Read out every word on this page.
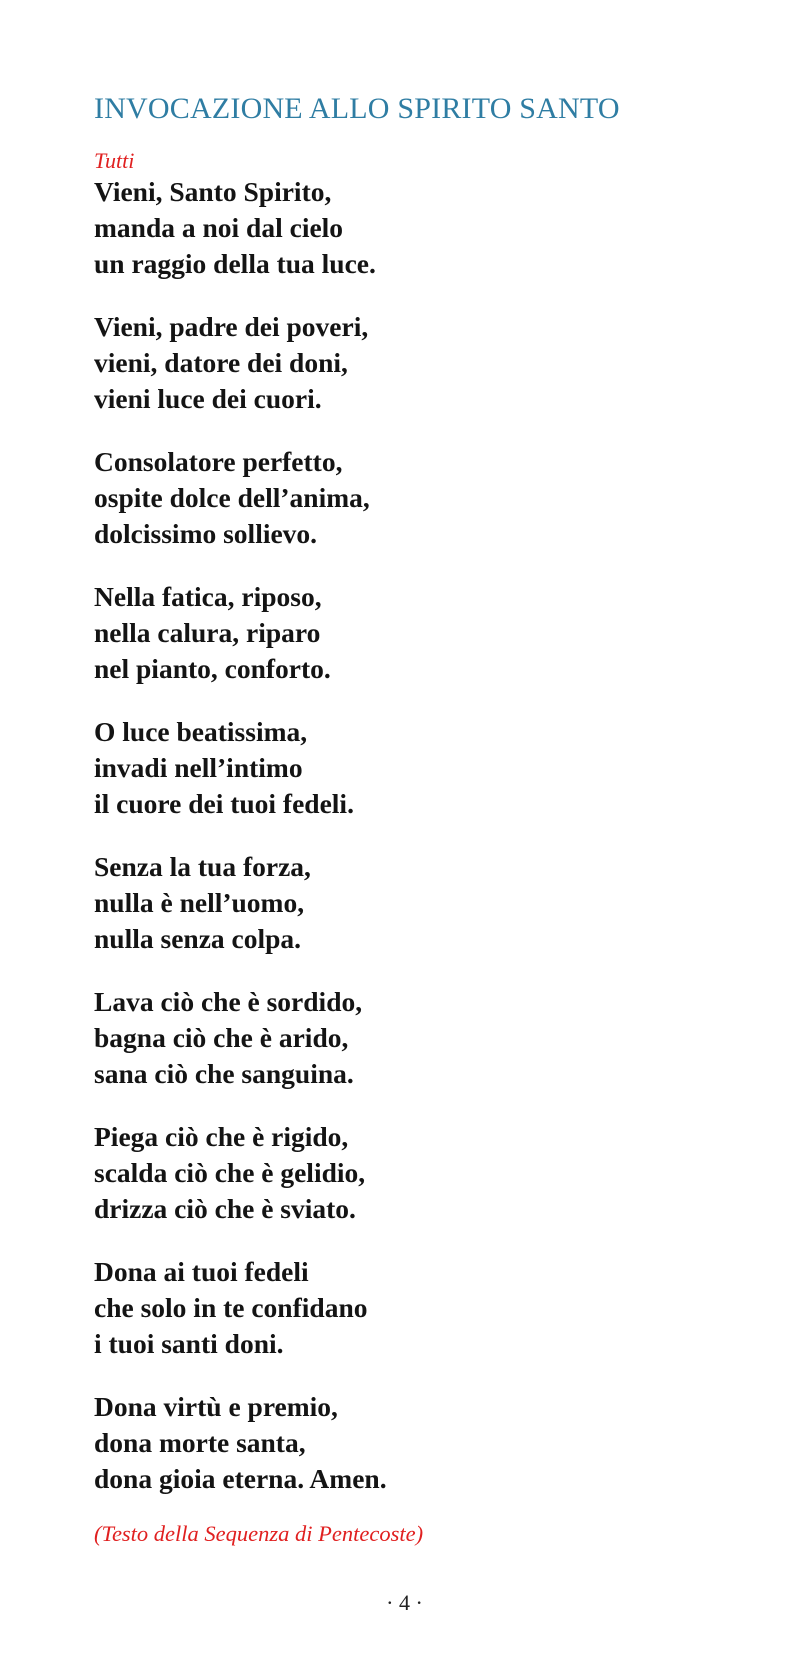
INVOCAZIONE ALLO SPIRITO SANTO
Tutti
Vieni, Santo Spirito,
manda a noi dal cielo
un raggio della tua luce.
Vieni, padre dei poveri,
vieni, datore dei doni,
vieni luce dei cuori.
Consolatore perfetto,
ospite dolce dell’anima,
dolcissimo sollievo.
Nella fatica, riposo,
nella calura, riparo
nel pianto, conforto.
O luce beatissima,
invadi nell’intimo
il cuore dei tuoi fedeli.
Senza la tua forza,
nulla è nell’uomo,
nulla senza colpa.
Lava ciò che è sordido,
bagna ciò che è arido,
sana ciò che sanguina.
Piega ciò che è rigido,
scalda ciò che è gelidio,
drizza ciò che è sviato.
Dona ai tuoi fedeli
che solo in te confidano
i tuoi santi doni.
Dona virtù e premio,
dona morte santa,
dona gioia eterna. Amen.
(Testo della Sequenza di Pentecoste)
· 4 ·
